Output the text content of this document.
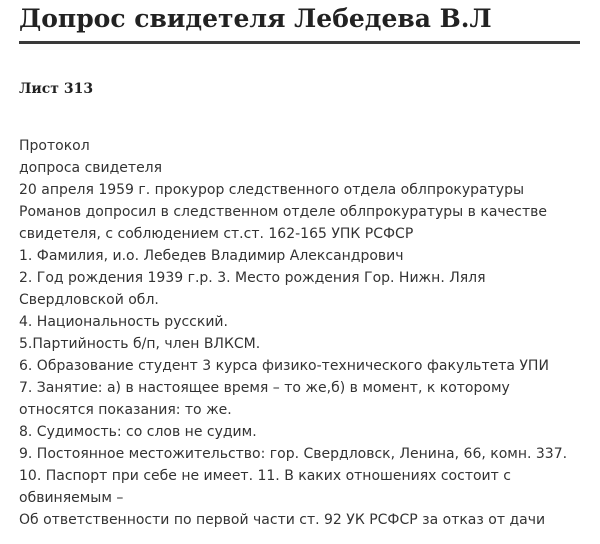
Допрос свидетеля Лебедева В.Л
Лист 313
Протокол
допроса свидетеля
20 апреля 1959 г. прокурор следственного отдела облпрокуратуры
Романов допросил в следственном отделе облпрокуратуры в качестве
свидетеля, с соблюдением ст.ст. 162-165 УПК РСФСР
1. Фамилия, и.о. Лебедев Владимир Александрович
2. Год рождения 1939 г.р. 3. Место рождения Гор. Нижн. Ляля
Свердловской обл.
4. Национальность русский.
5.Партийность б/п, член ВЛКСМ.
6. Образование студент 3 курса физико-технического факультета УПИ
7. Занятие: а) в настоящее время – то же,б) в момент, к которому
относятся показания: то же.
8. Судимость: со слов не судим.
9. Постоянное местожительство: гор. Свердловск, Ленина, 66, комн. 337.
10. Паспорт при себе не имеет. 11. В каких отношениях состоит с
обвиняемым –
Об ответственности по первой части ст. 92 УК РСФСР за отказ от дачи
